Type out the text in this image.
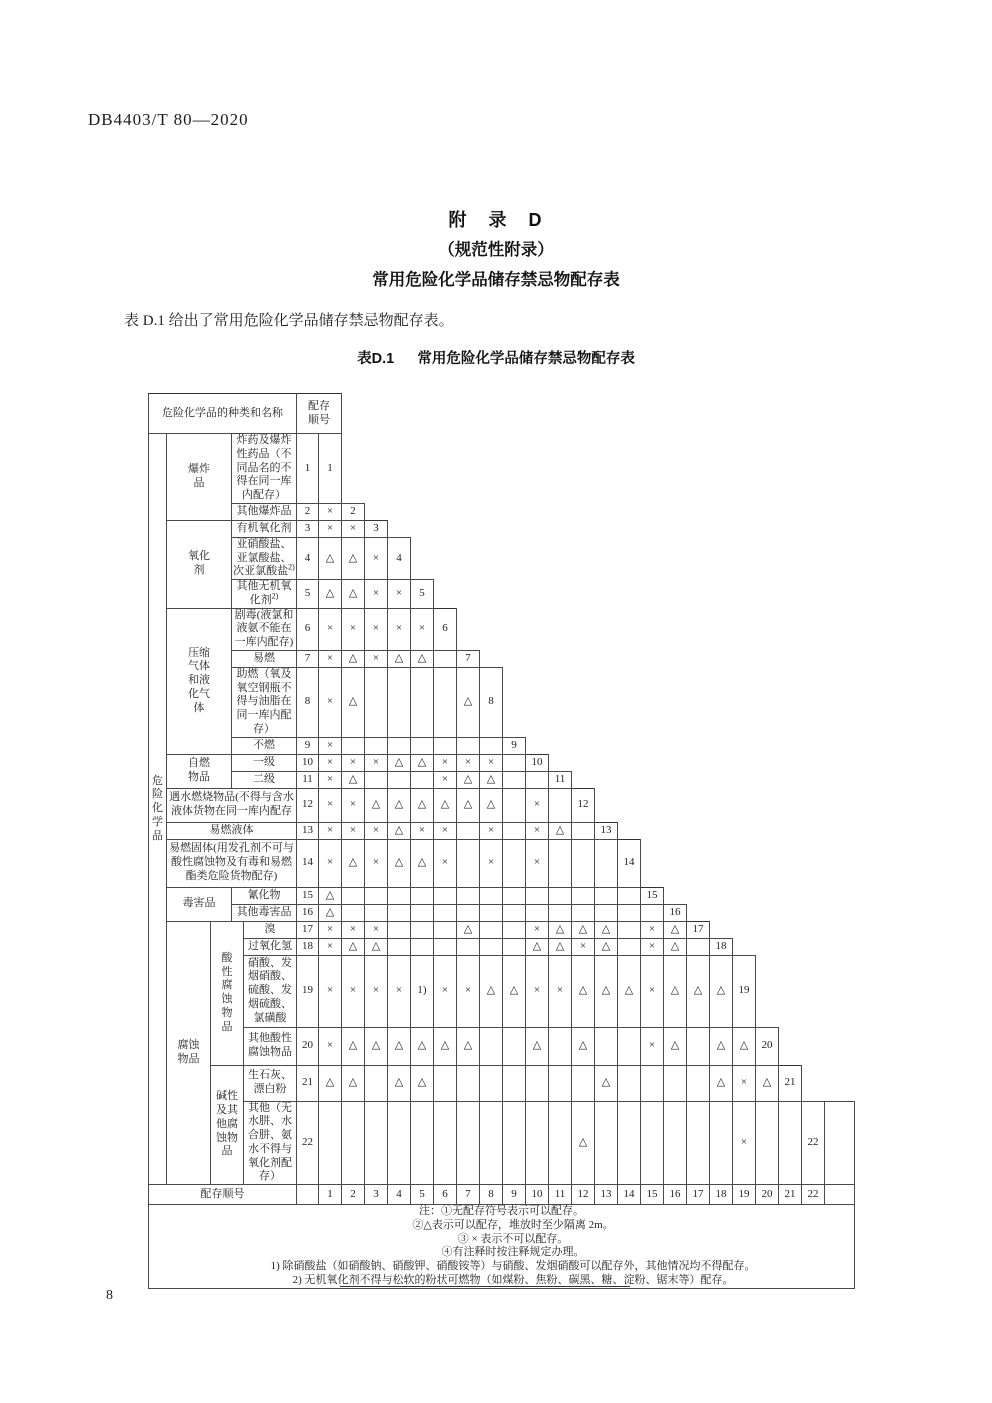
DB4403/T 80—2020
附　录　D
（规范性附录）
常用危险化学品储存禁忌物配存表
表 D.1 给出了常用危险化学品储存禁忌物配存表。
表D.1 常用危险化学品储存禁忌物配存表
危险化学品的种类和名称					配存顺号																							
危
险
化
学
品	爆炸品		炸药及爆炸性药品（不同品名的不得在同一库内配存）		1	1																						
			其他爆炸品		2	×	2																					
	氧化剂		有机氧化剂		3	×	×	3																				
			亚硝酸盐、亚氯酸盐、次亚氯酸盐$^{2)}$		4	△	△	×	4																			
			其他无机氧化剂$^{2)}$		5	△	△	×	×	5																		
	压缩气体和液化气体		剧毒(液氯和液氨不能在一库内配存)		6	×	×	×	×	×	6																	
			易燃		7	×	△	×	△	△		7																
			助燃（氧及氧空钢瓶不得与油脂在同一库内配存）		8	×	△					△	8															
			不燃		9	×								9														
	自燃物品		一级		10	×	×	×	△	△	×	×	×		10													
			二级		11	×	△				×	△	△			11												
	遇水燃烧物品(不得与含水液体货物在同一库内配存				12	×	×	△	△	△	△	△	△		×		12											
	易燃液体				13	×	×	×	△	×	×		×		×	△		13										
	易燃固体(用发孔剂不可与酸性腐蚀物及有毒和易燃酯类危险货物配存)				14	×	△	×	△	△	×		×		×				14									
	毒害品		氰化物		15	△														15								
			其他毒害品		16	△															16							
	腐蚀物品	酸性腐蚀物品		溴	17	×	×	×				△			×	△	△	△		×	△	17						
				过氧化氢	18	×	△	△							△	△	×	△		×	△		18					
				硝酸、发烟硝酸、硫酸、发烟硫酸、氯磺酸	19	×	×	×	×	1)	×	×	△	△	×	×	△	△	△	×	△	△	△	19				
				其他酸性腐蚀物品	20	×	△	△	△	△	△	△			△		△			×	△		△	△	20			
		碱性及其他腐蚀物品		生石灰、漂白粉	21	△	△		△	△								△					△	×	△	21		
				其他（无水肼、水合肼、氨水不得与氧化剂配存）	22												△							×			22	
配存顺号						1	2	3	4	5	6	7	8	9	10	11	12	13	14	15	16	17	18	19	20	21	22	

注：①无配存符号表示可以配存。
②△表示可以配存，堆放时至少隔离 2m。
③ × 表示不可以配存。
④有注释时按注释规定办理。
1) 除硝酸盐（如硝酸钠、硝酸钾、硝酸铵等）与硝酸、发烟硝酸可以配存外，其他情况均不得配存。
2) 无机氧化剂不得与松软的粉状可燃物（如煤粉、焦粉、碳黑、糖、淀粉、锯末等）配存。
8
